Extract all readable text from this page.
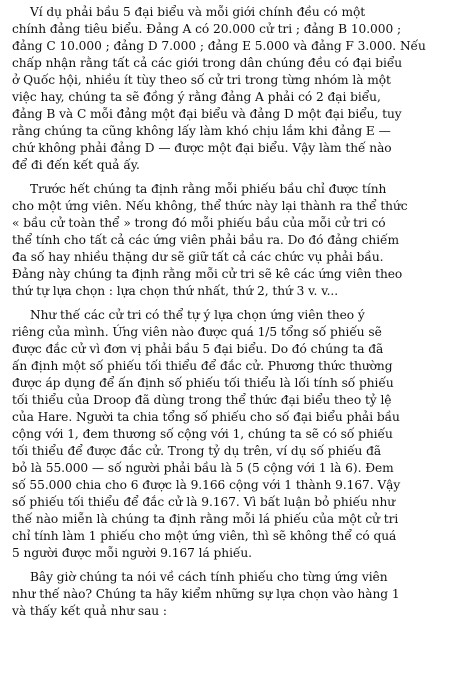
Ví dụ phải bầu 5 đại biểu và mỗi giới chính đều có một
chính đảng tiêu biểu. Đảng A có 20.000 cử tri ; đảng B 10.000 ;
đảng C 10.000 ; đảng D 7.000 ; đảng E 5.000 và đảng F 3.000. Nếu
chấp nhận rằng tất cả các giới trong dân chúng đều có đại biểu
ở Quốc hội, nhiều ít tùy theo số cử tri trong từng nhóm là một
việc hay, chúng ta sẽ đồng ý rằng đảng A phải có 2 đại biểu,
đảng B và C mỗi đảng một đại biểu và đảng D một đại biểu, tuy
rằng chúng ta cũng không lấy làm khó chịu lắm khi đảng E —
chứ không phải đảng D — được một đại biểu. Vậy làm thế nào
để đi đến kết quả ấy.
Trước hết chúng ta định rằng mỗi phiếu bầu chỉ được tính
cho một ứng viên. Nếu không, thể thức này lại thành ra thể thức
« bầu cử toàn thể » trong đó mỗi phiếu bầu của mỗi cử tri có
thể tính cho tất cả các ứng viên phải bầu ra. Do đó đảng chiếm
đa số hay nhiều thặng dư sẽ giữ tất cả các chức vụ phải bầu.
Đảng này chúng ta định rằng mỗi cử tri sẽ kê các ứng viên theo
thứ tự lựa chọn : lựa chọn thứ nhất, thứ 2, thứ 3 v. v...
Như thế các cử tri có thể tự ý lựa chọn ứng viên theo ý
riêng của mình. Ứng viên nào được quá 1/5 tổng số phiếu sẽ
được đắc cử vì đơn vị phải bầu 5 đại biểu. Do đó chúng ta đã
ấn định một số phiếu tối thiểu để đắc cử. Phương thức thường
được áp dụng để ấn định số phiếu tối thiểu là lối tính số phiếu
tối thiểu của Droop đã dùng trong thể thức đại biểu theo tỷ lệ
của Hare. Người ta chia tổng số phiếu cho số đại biểu phải bầu
cộng với 1, đem thương số cộng với 1, chúng ta sẽ có số phiếu
tối thiểu để được đắc cử. Trong tỷ dụ trên, ví dụ số phiếu đã
bỏ là 55.000 — số người phải bầu là 5 (5 cộng với 1 là 6). Đem
số 55.000 chia cho 6 được là 9.166 cộng với 1 thành 9.167. Vậy
số phiếu tối thiểu để đắc cử là 9.167. Vì bất luận bỏ phiếu như
thế nào miễn là chúng ta định rằng mỗi lá phiếu của một cử tri
chỉ tính làm 1 phiếu cho một ứng viên, thì sẽ không thể có quá
5 người được mỗi người 9.167 lá phiếu.
Bây giờ chúng ta nói về cách tính phiếu cho từng ứng viên
như thế nào? Chúng ta hãy kiểm những sự lựa chọn vào hàng 1
và thấy kết quả như sau :
